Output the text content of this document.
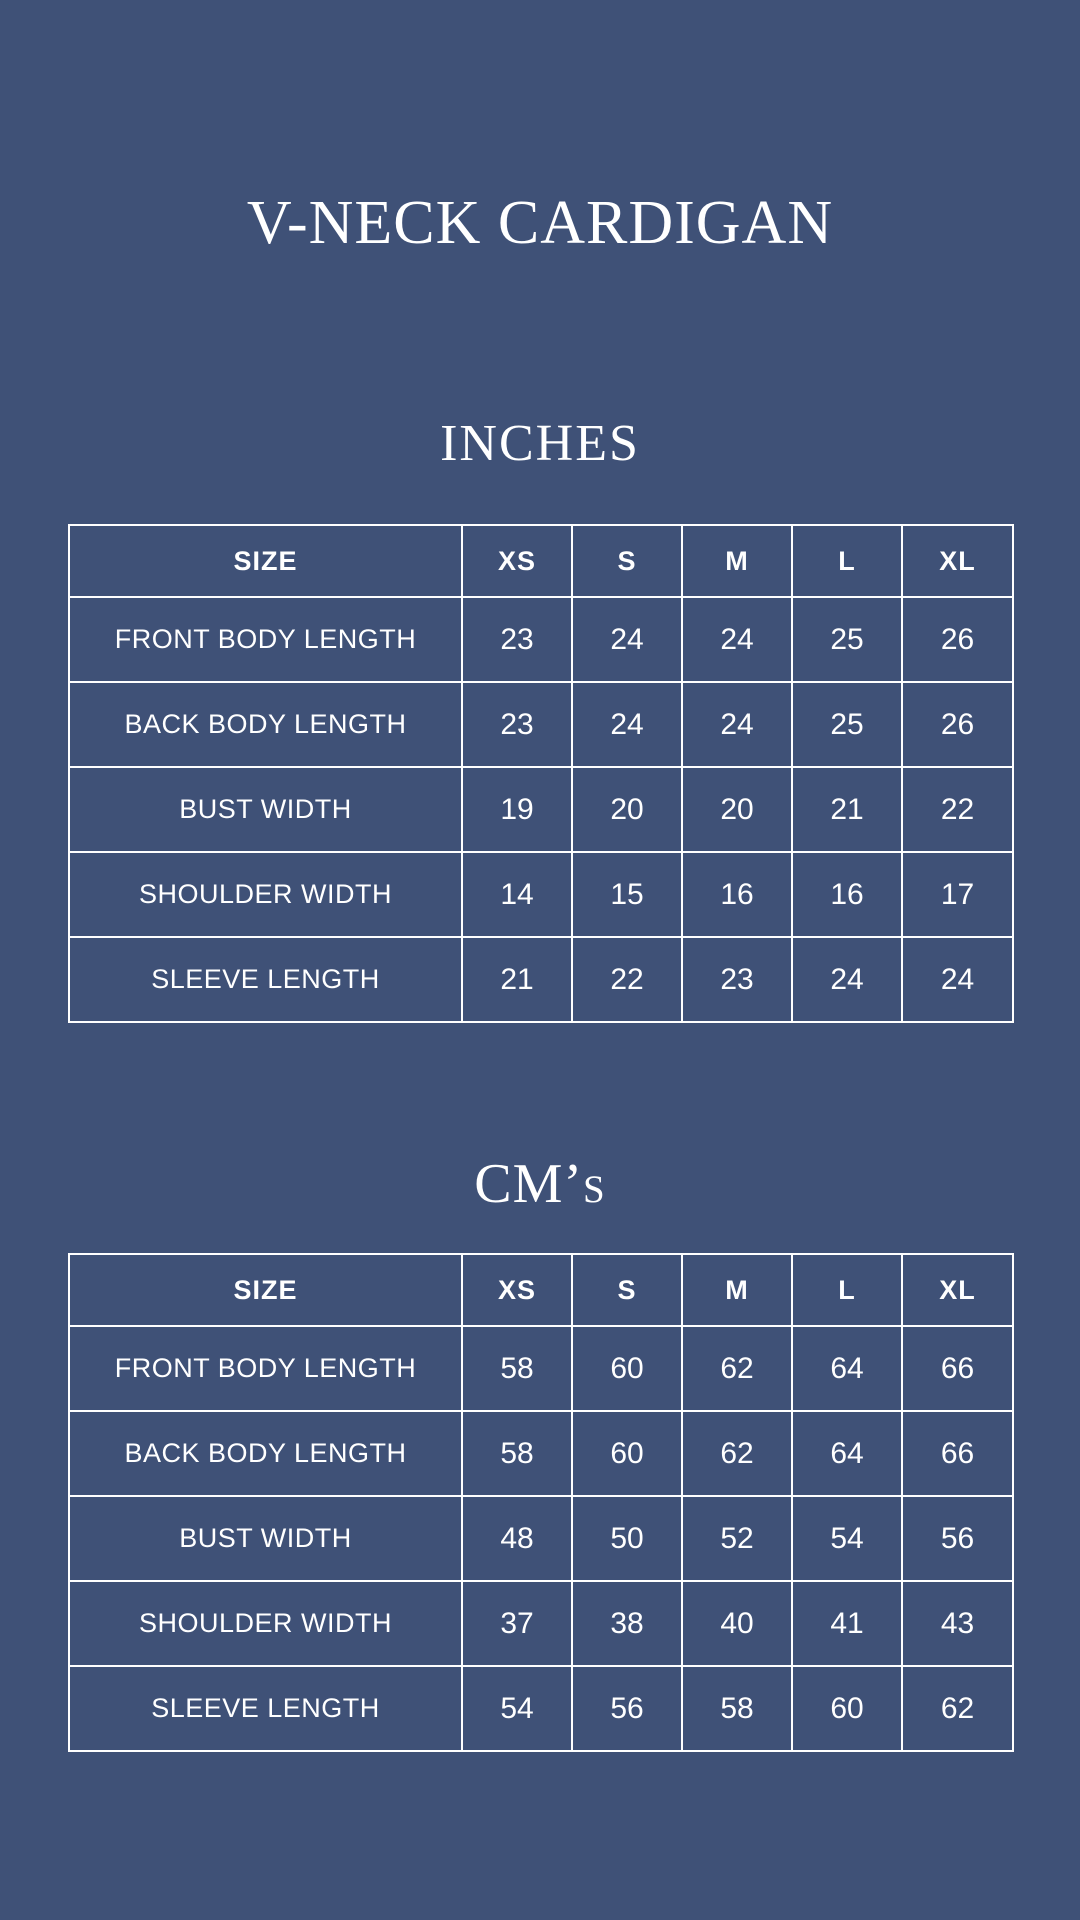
V-NECK CARDIGAN
INCHES
SIZE	XS	S	M	L	XL
FRONT BODY LENGTH	23	24	24	25	26
BACK BODY LENGTH	23	24	24	25	26
BUST WIDTH	19	20	20	21	22
SHOULDER WIDTH	14	15	16	16	17
SLEEVE LENGTH	21	22	23	24	24
CM’s
SIZE	XS	S	M	L	XL
FRONT BODY LENGTH	58	60	62	64	66
BACK BODY LENGTH	58	60	62	64	66
BUST WIDTH	48	50	52	54	56
SHOULDER WIDTH	37	38	40	41	43
SLEEVE LENGTH	54	56	58	60	62
